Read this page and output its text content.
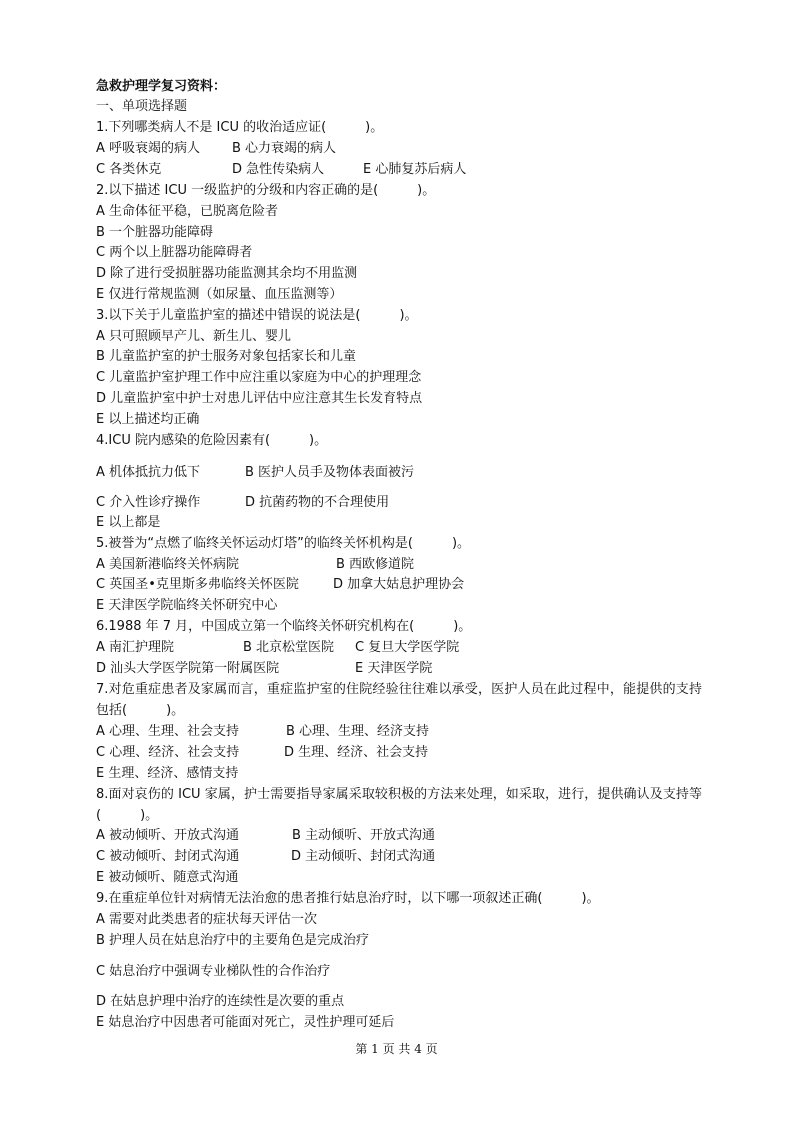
急救护理学复习资料：
一、单项选择题
1.下列哪类病人不是 ICU 的收治适应证(　　　)。
A 呼吸衰竭的病人 B 心力衰竭的病人
C 各类休克	D 急性传染病人	E 心肺复苏后病人
2.以下描述 ICU 一级监护的分级和内容正确的是(　　　)。
A 生命体征平稳，已脱离危险者
B 一个脏器功能障碍
C 两个以上脏器功能障碍者
D 除了进行受损脏器功能监测其余均不用监测
E 仅进行常规监测（如尿量、血压监测等）
3.以下关于儿童监护室的描述中错误的说法是(　　　)。
A 只可照顾早产儿、新生儿、婴儿
B 儿童监护室的护士服务对象包括家长和儿童
C 儿童监护室护理工作中应注重以家庭为中心的护理理念
D 儿童监护室中护士对患儿评估中应注意其生长发育特点
E 以上描述均正确
4.ICU 院内感染的危险因素有(　　　)。
A 机体抵抗力低下	B 医护人员手及物体表面被污
C 介入性诊疗操作	D 抗菌药物的不合理使用
E 以上都是
5.被誉为“点燃了临终关怀运动灯塔”的临终关怀机构是(　　　)。
A 美国新港临终关怀病院	B 西欧修道院
C 英国圣•克里斯多弗临终关怀医院	D 加拿大姑息护理协会
E 天津医学院临终关怀研究中心
6.1988 年 7 月，中国成立第一个临终关怀研究机构在(　　　)。
A 南汇护理院	B 北京松堂医院 C 复旦大学医学院
D 汕头大学医学院第一附属医院	E 天津医学院
7.对危重症患者及家属而言，重症监护室的住院经验往往难以承受，医护人员在此过程中，能提供的支持包括(　　　)。
A 心理、生理、社会支持	B 心理、生理、经济支持
C 心理、经济、社会支持	D 生理、经济、社会支持
E 生理、经济、感情支持
8.面对哀伤的 ICU 家属，护士需要指导家属采取较积极的方法来处理，如采取，进行，提供确认及支持等(　　　)。
A 被动倾听、开放式沟通	B 主动倾听、开放式沟通
C 被动倾听、封闭式沟通	D 主动倾听、封闭式沟通
E 被动倾听、随意式沟通
9.在重症单位针对病情无法治愈的患者推行姑息治疗时，以下哪一项叙述正确(　　　)。
A 需要对此类患者的症状每天评估一次
B 护理人员在姑息治疗中的主要角色是完成治疗
C 姑息治疗中强调专业梯队性的合作治疗
D 在姑息护理中治疗的连续性是次要的重点
E 姑息治疗中因患者可能面对死亡，灵性护理可延后
第 1 页 共 4 页
